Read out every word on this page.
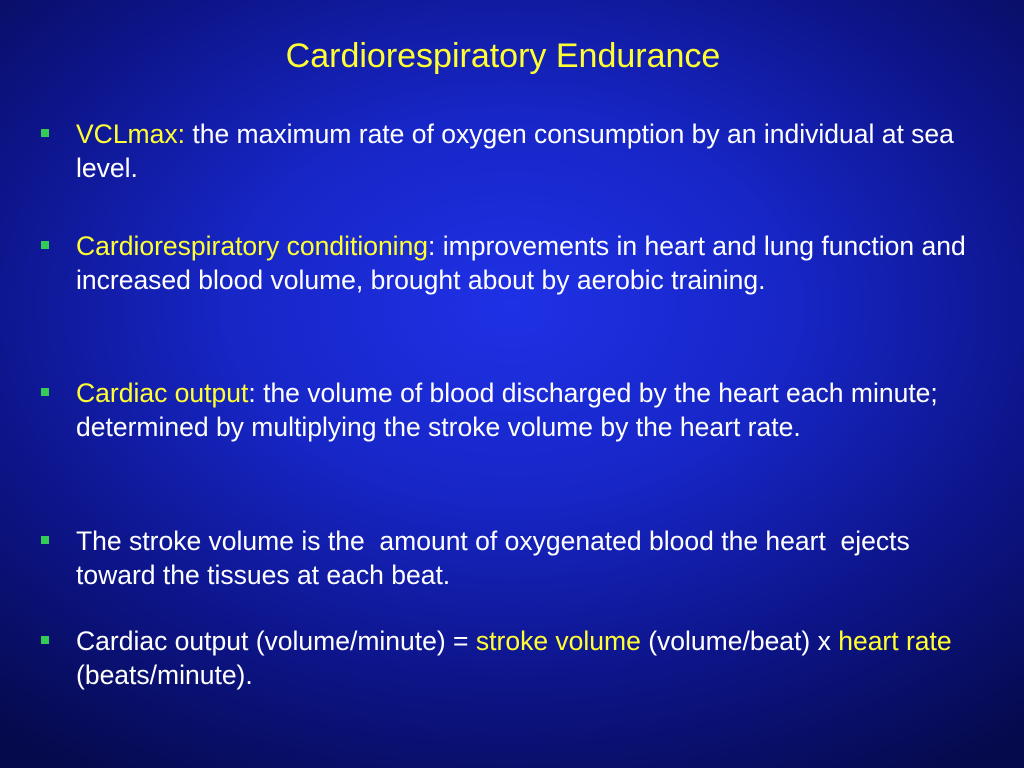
Cardiorespiratory Endurance
VCLmax: the maximum rate of oxygen consumption by an individual at sea level.
Cardiorespiratory conditioning: improvements in heart and lung function and increased blood volume, brought about by aerobic training.
Cardiac output: the volume of blood discharged by the heart each minute; determined by multiplying the stroke volume by the heart rate.
The stroke volume is the  amount of oxygenated blood the heart  ejects toward the tissues at each beat.
Cardiac output (volume/minute) = stroke volume (volume/beat) x heart rate  (beats/minute).
